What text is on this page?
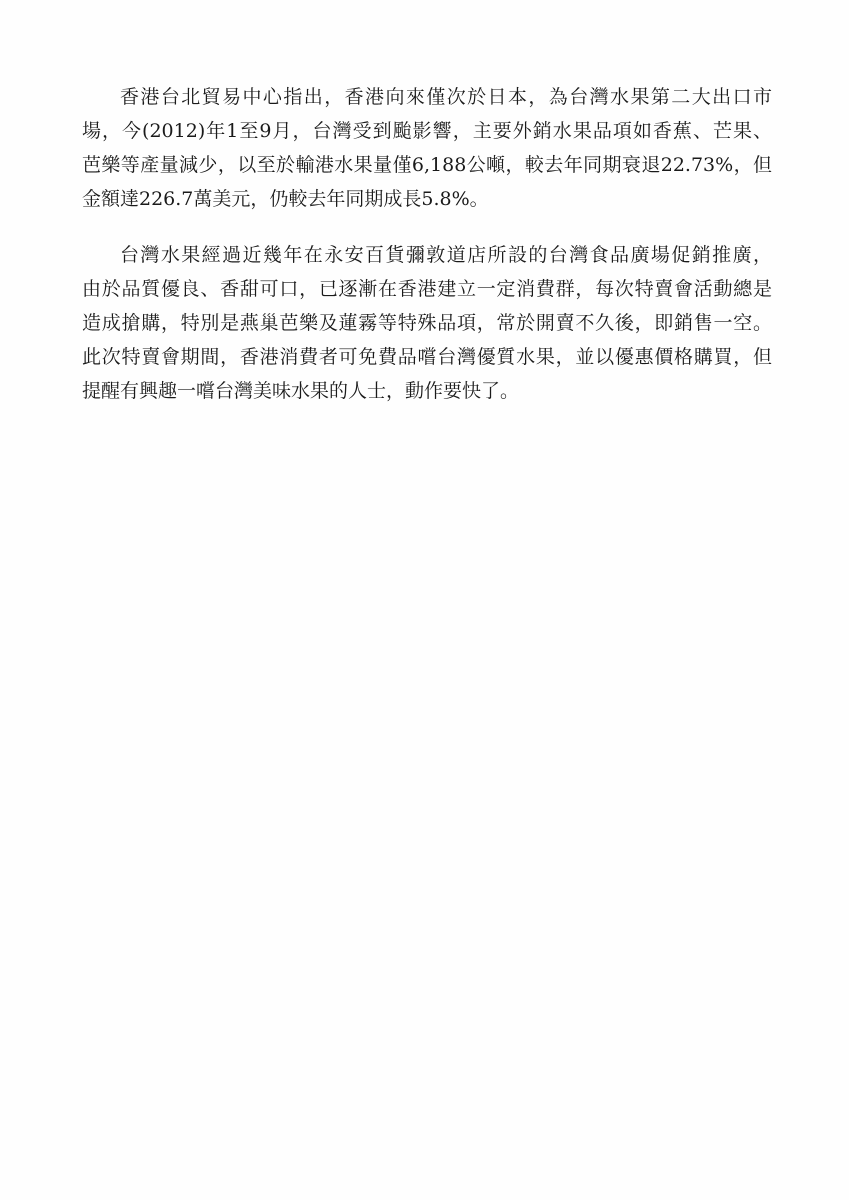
香港台北貿易中心指出，香港向來僅次於日本，為台灣水果第二大出口市
場，今(2012)年1至9月，台灣受到颱影響，主要外銷水果品項如香蕉、芒果、
芭樂等產量減少，以至於輸港水果量僅6,188公噸，較去年同期衰退22.73%，但
金額達226.7萬美元，仍較去年同期成長5.8%。

台灣水果經過近幾年在永安百貨彌敦道店所設的台灣食品廣場促銷推廣，
由於品質優良、香甜可口，已逐漸在香港建立一定消費群，每次特賣會活動總是
造成搶購，特別是燕巢芭樂及蓮霧等特殊品項，常於開賣不久後，即銷售一空。
此次特賣會期間，香港消費者可免費品嚐台灣優質水果，並以優惠價格購買，但
提醒有興趣一嚐台灣美味水果的人士，動作要快了。
